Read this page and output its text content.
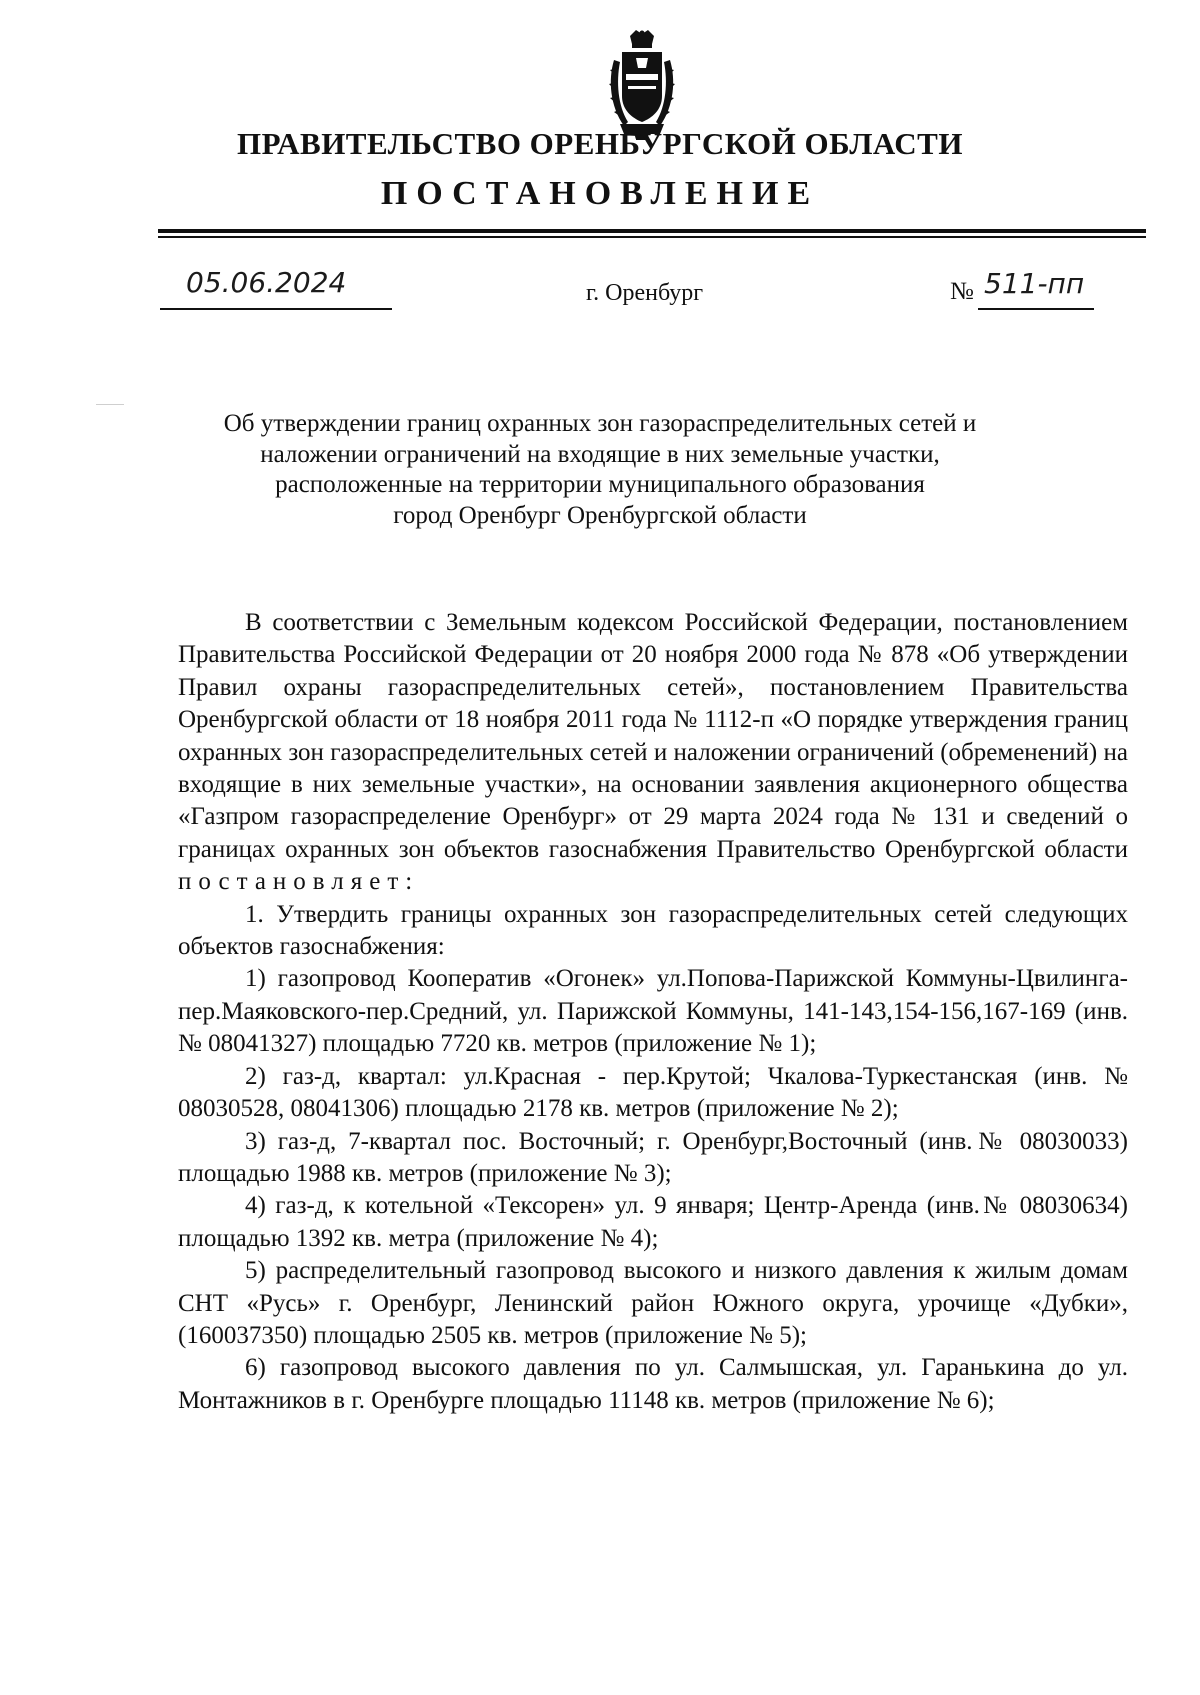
ПРАВИТЕЛЬСТВО ОРЕНБУРГСКОЙ ОБЛАСТИ
ПОСТАНОВЛЕНИЕ
05.06.2024	г. Оренбург	№ 511-пп
Об утверждении границ охранных зон газораспределительных сетей и
наложении ограничений на входящие в них земельные участки,
расположенные на территории муниципального образования
город Оренбург Оренбургской области

В соответствии с Земельным кодексом Российской Федерации, постановлением Правительства Российской Федерации от 20 ноября 2000 года № 878 «Об утверждении Правил охраны газораспределительных сетей», постановлением Правительства Оренбургской области от 18 ноября 2011 года № 1112-п «О порядке утверждения границ охранных зон газораспределительных сетей и наложении ограничений (обременений) на входящие в них земельные участки», на основании заявления акционерного общества «Газпром газораспределение Оренбург» от 29 марта 2024 года № 131 и сведений о границах охранных зон объектов газоснабжения Правительство Оренбургской области постановляет:

1. Утвердить границы охранных зон газораспределительных сетей следующих объектов газоснабжения:

1) газопровод Кооператив «Огонек» ул.Попова-Парижской Коммуны-Цвилинга-пер.Маяковского-пер.Средний, ул. Парижской Коммуны, 141-143,154-156,167-169 (инв.№ 08041327) площадью 7720 кв. метров (приложение № 1);

2) газ-д, квартал: ул.Красная - пер.Крутой; Чкалова-Туркестанская (инв. № 08030528, 08041306) площадью 2178 кв. метров (приложение № 2);

3) газ-д, 7-квартал пос. Восточный; г. Оренбург,Восточный (инв.№ 08030033) площадью 1988 кв. метров (приложение № 3);

4) газ-д, к котельной «Тексорен» ул. 9 января; Центр-Аренда (инв.№ 08030634) площадью 1392 кв. метра (приложение № 4);

5) распределительный газопровод высокого и низкого давления к жилым домам СНТ «Русь» г. Оренбург, Ленинский район Южного округа, урочище «Дубки», (160037350) площадью 2505 кв. метров (приложение № 5);

6) газопровод высокого давления по ул. Салмышская, ул. Гаранькина до ул. Монтажников в г. Оренбурге площадью 11148 кв. метров (приложение № 6);
